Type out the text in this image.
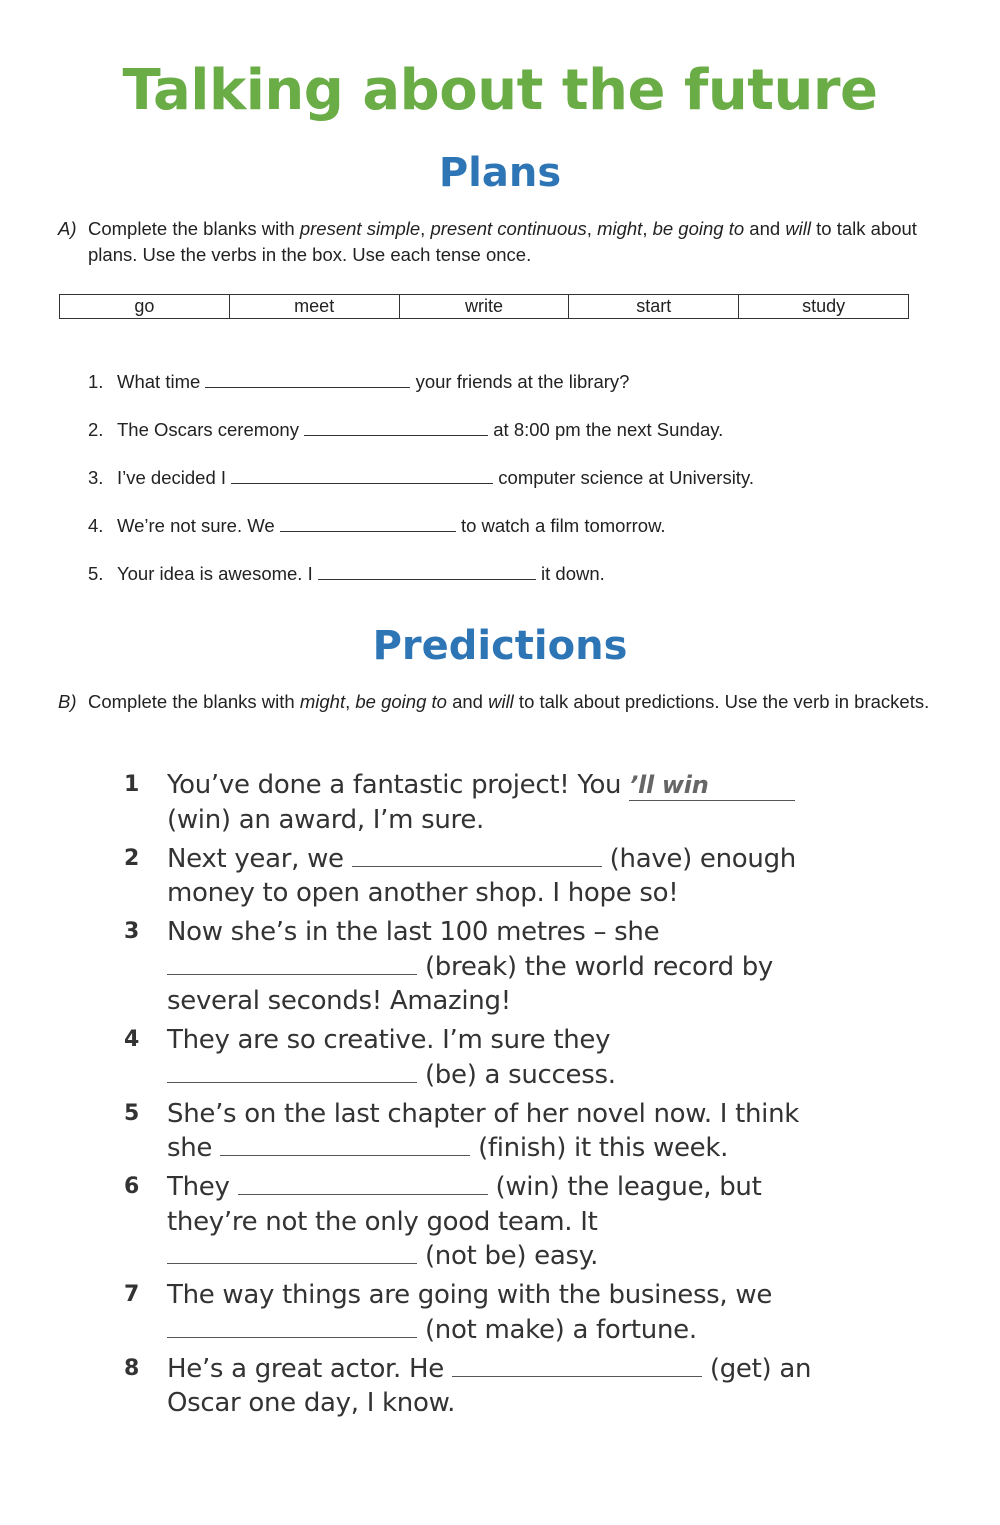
Talking about the future
Plans
A) Complete the blanks with present simple, present continuous, might, be going to and will to talk about plans. Use the verbs in the box. Use each tense once.
go	meet	write	start	study
1. What time	your friends at the library?
2. The Oscars ceremony	at 8:00 pm the next Sunday.
3. I’ve decided I	computer science at University.
4. We’re not sure. We	to watch a film tomorrow.
5. Your idea is awesome. I	it down.
Predictions
B) Complete the blanks with might, be going to and will to talk about predictions. Use the verb in brackets.
1 You’ve done a fantastic project! You ’ll win
(win) an award, I’m sure.
2 Next year, we	(have) enough money to open another shop. I hope so!
3 Now she’s in the last 100 metres – she
(break) the world record by several seconds! Amazing!
4 They are so creative. I’m sure they
(be) a success.
5 She’s on the last chapter of her novel now. I think she	(finish) it this week.
6 They	(win) the league, but they’re not the only good team. It
(not be) easy.
7 The way things are going with the business, we  (not make) a fortune.
8 He’s a great actor. He	(get) an Oscar one day, I know.
